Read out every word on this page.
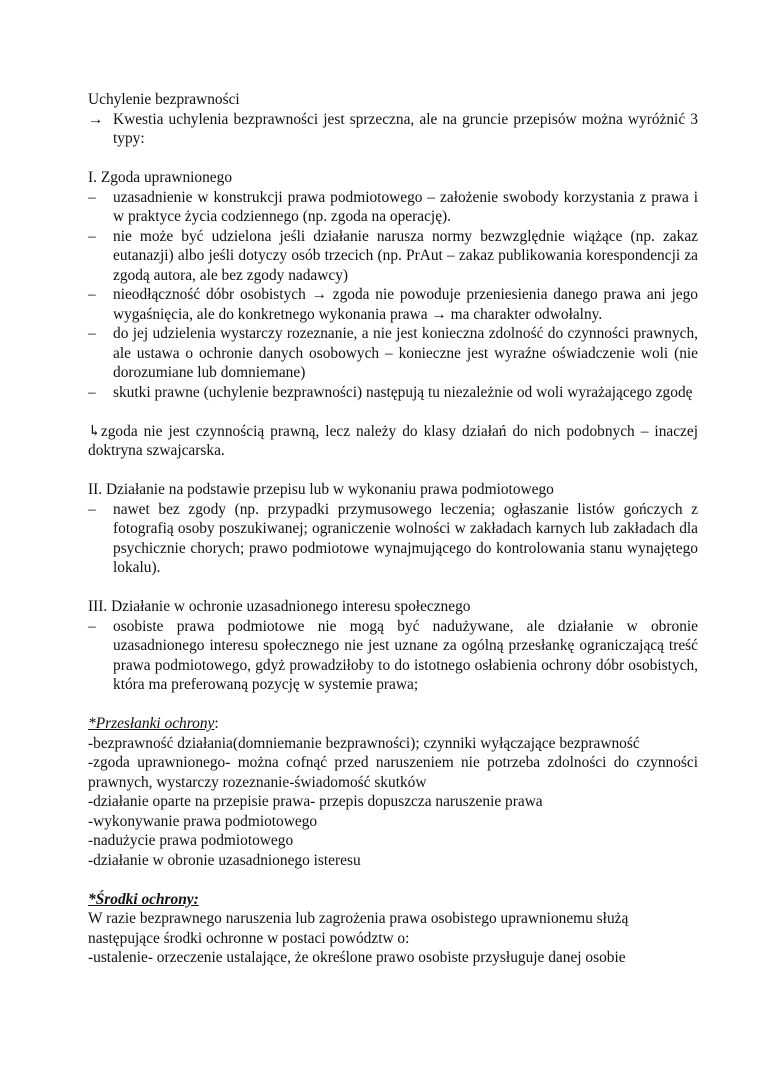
Uchylenie bezprawności

→ Kwestia uchylenia bezprawności jest sprzeczna, ale na gruncie przepisów można wyróżnić 3 typy:

I. Zgoda uprawnionego

– uzasadnienie w konstrukcji prawa podmiotowego – założenie swobody korzystania z prawa i w praktyce życia codziennego (np. zgoda na operację).
– nie może być udzielona jeśli działanie narusza normy bezwzględnie wiążące (np. zakaz eutanazji) albo jeśli dotyczy osób trzecich (np. PrAut – zakaz publikowania korespondencji za zgodą autora, ale bez zgody nadawcy)
– nieodłączność dóbr osobistych → zgoda nie powoduje przeniesienia danego prawa ani jego wygaśnięcia, ale do konkretnego wykonania prawa → ma charakter odwołalny.
– do jej udzielenia wystarczy rozeznanie, a nie jest konieczna zdolność do czynności prawnych, ale ustawa o ochronie danych osobowych – konieczne jest wyraźne oświadczenie woli (nie dorozumiane lub domniemane)
– skutki prawne (uchylenie bezprawności) następują tu niezależnie od woli wyrażającego zgodę

↳zgoda nie jest czynnością prawną, lecz należy do klasy działań do nich podobnych – inaczej doktryna szwajcarska.

II. Działanie na podstawie przepisu lub w wykonaniu prawa podmiotowego

– nawet bez zgody (np. przypadki przymusowego leczenia; ogłaszanie listów gończych z fotografią osoby poszukiwanej; ograniczenie wolności w zakładach karnych lub zakładach dla psychicznie chorych; prawo podmiotowe wynajmującego do kontrolowania stanu wynajętego lokalu).

III. Działanie w ochronie uzasadnionego interesu społecznego

– osobiste prawa podmiotowe nie mogą być nadużywane, ale działanie w obronie uzasadnionego interesu społecznego nie jest uznane za ogólną przesłankę ograniczającą treść prawa podmiotowego, gdyż prowadziłoby to do istotnego osłabienia ochrony dóbr osobistych, która ma preferowaną pozycję w systemie prawa;

*Przesłanki ochrony:

-bezprawność działania(domniemanie bezprawności); czynniki wyłączające bezprawność

-zgoda uprawnionego- można cofnąć przed naruszeniem nie potrzeba zdolności do czynności prawnych, wystarczy rozeznanie-świadomość skutków

-działanie oparte na przepisie prawa- przepis dopuszcza naruszenie prawa

-wykonywanie prawa podmiotowego

-nadużycie prawa podmiotowego

-działanie w obronie uzasadnionego isteresu

*Środki ochrony:

W razie bezprawnego naruszenia lub zagrożenia prawa osobistego uprawnionemu służą następujące środki ochronne w postaci powództw o:

-ustalenie- orzeczenie ustalające, że określone prawo osobiste przysługuje danej osobie
